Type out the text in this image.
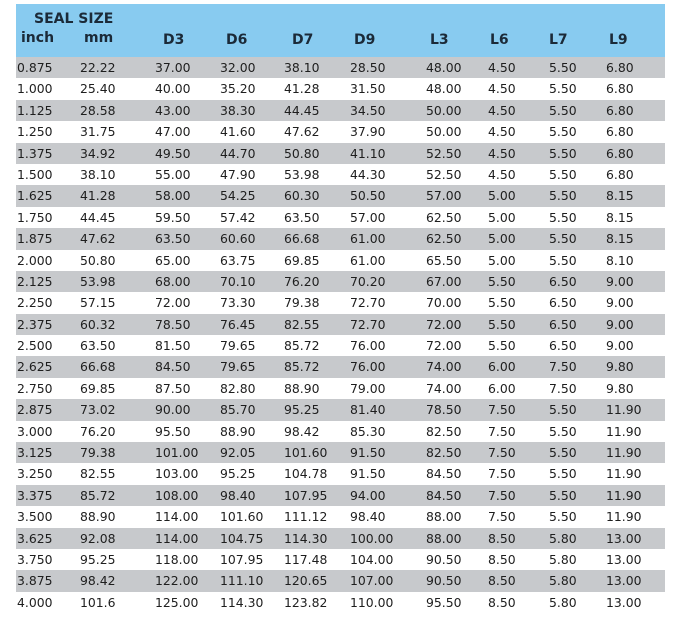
SEAL SIZE
inch mm	D3	D6	D7	D9	L3	L6	L7	L9
0.875 22.22	37.00 32.00 38.10 28.50	48.00 4.50	5.50 6.80
1.000 25.40	40.00 35.20 41.28 31.50	48.00 4.50	5.50 6.80
1.125 28.58	43.00 38.30 44.45 34.50	50.00 4.50	5.50 6.80
1.250 31.75	47.00 41.60 47.62 37.90	50.00 4.50	5.50 6.80
1.375 34.92	49.50 44.70 50.80 41.10	52.50 4.50	5.50 6.80
1.500 38.10	55.00 47.90 53.98 44.30	52.50 4.50	5.50 6.80
1.625 41.28	58.00 54.25 60.30 50.50	57.00 5.00	5.50 8.15
1.750 44.45	59.50 57.42 63.50 57.00	62.50 5.00	5.50 8.15
1.875 47.62	63.50 60.60 66.68 61.00	62.50 5.00	5.50 8.15
2.000 50.80	65.00 63.75 69.85 61.00	65.50 5.00	5.50 8.10
2.125 53.98	68.00 70.10 76.20 70.20	67.00 5.50	6.50 9.00
2.250 57.15	72.00 73.30 79.38 72.70	70.00 5.50	6.50 9.00
2.375 60.32	78.50 76.45 82.55 72.70	72.00 5.50	6.50 9.00
2.500 63.50	81.50 79.65 85.72 76.00	72.00 5.50	6.50 9.00
2.625 66.68	84.50 79.65 85.72 76.00	74.00 6.00	7.50 9.80
2.750 69.85	87.50 82.80 88.90 79.00	74.00 6.00	7.50 9.80
2.875 73.02	90.00 85.70 95.25 81.40	78.50 7.50	5.50 11.90
3.000 76.20	95.50 88.90 98.42 85.30	82.50 7.50	5.50 11.90
3.125 79.38	101.00 92.05 101.60 91.50	82.50 7.50	5.50 11.90
3.250 82.55	103.00 95.25 104.78 91.50	84.50 7.50	5.50 11.90
3.375 85.72	108.00 98.40 107.95 94.00	84.50 7.50	5.50 11.90
3.500 88.90	114.00 101.60 111.12 98.40	88.00 7.50	5.50 11.90
3.625 92.08	114.00 104.75 114.30 100.00	88.00 8.50	5.80 13.00
3.750 95.25	118.00 107.95 117.48 104.00	90.50 8.50	5.80 13.00
3.875 98.42	122.00 111.10 120.65 107.00	90.50 8.50	5.80 13.00
4.000 101.6	125.00 114.30 123.82 110.00	95.50 8.50	5.80 13.00
